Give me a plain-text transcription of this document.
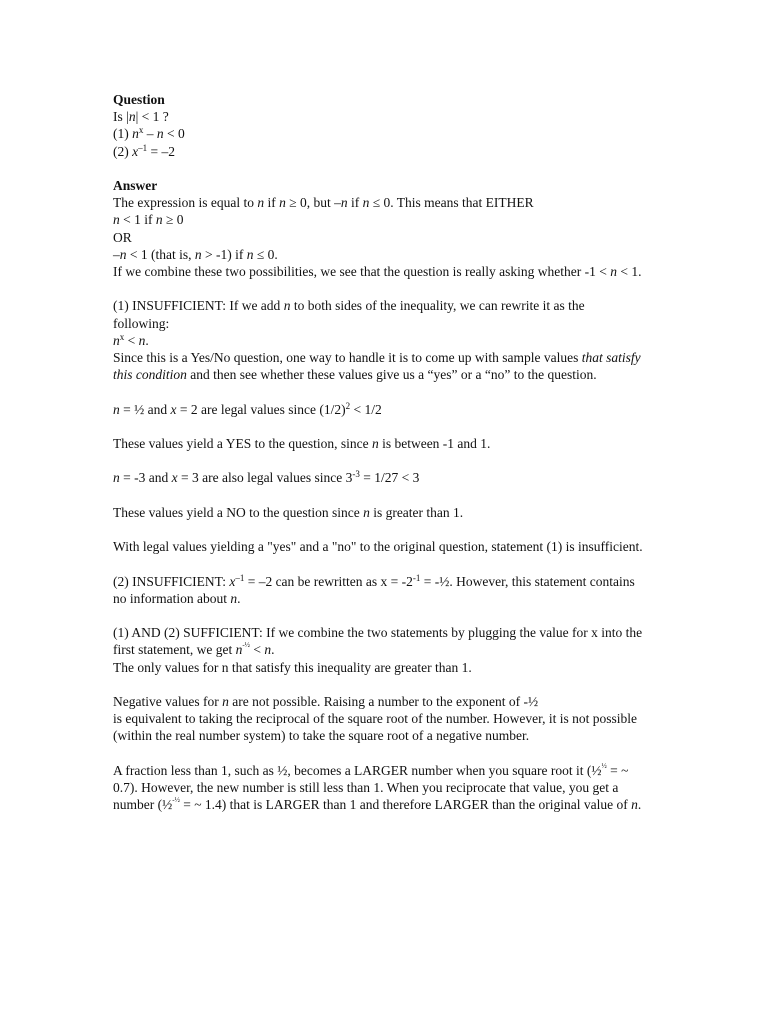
Question
Is |n| < 1 ?
(1) $n^x - n < 0$
(2) $x^{-1} = -2$
Answer
The expression is equal to n if n ≥ 0, but –n if n ≤ 0. This means that EITHER
n < 1 if n ≥ 0
OR
–n < 1 (that is, n > -1) if n ≤ 0.
If we combine these two possibilities, we see that the question is really asking whether -1 < n < 1.
(1) INSUFFICIENT: If we add n to both sides of the inequality, we can rewrite it as the following:
$n^x < n$.
Since this is a Yes/No question, one way to handle it is to come up with sample values that satisfy this condition and then see whether these values give us a “yes” or a “no” to the question.
n = ½ and x = 2 are legal values since $(1/2)^2 < 1/2$
These values yield a YES to the question, since n is between -1 and 1.
n = -3 and x = 3 are also legal values since $3^{-3} = 1/27 < 3$
These values yield a NO to the question since n is greater than 1.
With legal values yielding a "yes" and a "no" to the original question, statement (1) is insufficient.
(2) INSUFFICIENT: $x^{-1} = -2$ can be rewritten as $x = -2^{-1}$ = -½. However, this statement contains no information about n.
(1) AND (2) SUFFICIENT: If we combine the two statements by plugging the value for x into the first statement, we get $n^{-\frac{1}{2}} < n$.
The only values for n that satisfy this inequality are greater than 1.
Negative values for n are not possible. Raising a number to the exponent of -½
is equivalent to taking the reciprocal of the square root of the number. However, it is not possible (within the real number system) to take the square root of a negative number.
A fraction less than 1, such as ½, becomes a LARGER number when you square root it (½$^{\frac{1}{2}}$ = ~ 0.7). However, the new number is still less than 1. When you reciprocate that value, you get a number (½$^{-\frac{1}{2}}$ = ~ 1.4) that is LARGER than 1 and therefore LARGER than the original value of n.
